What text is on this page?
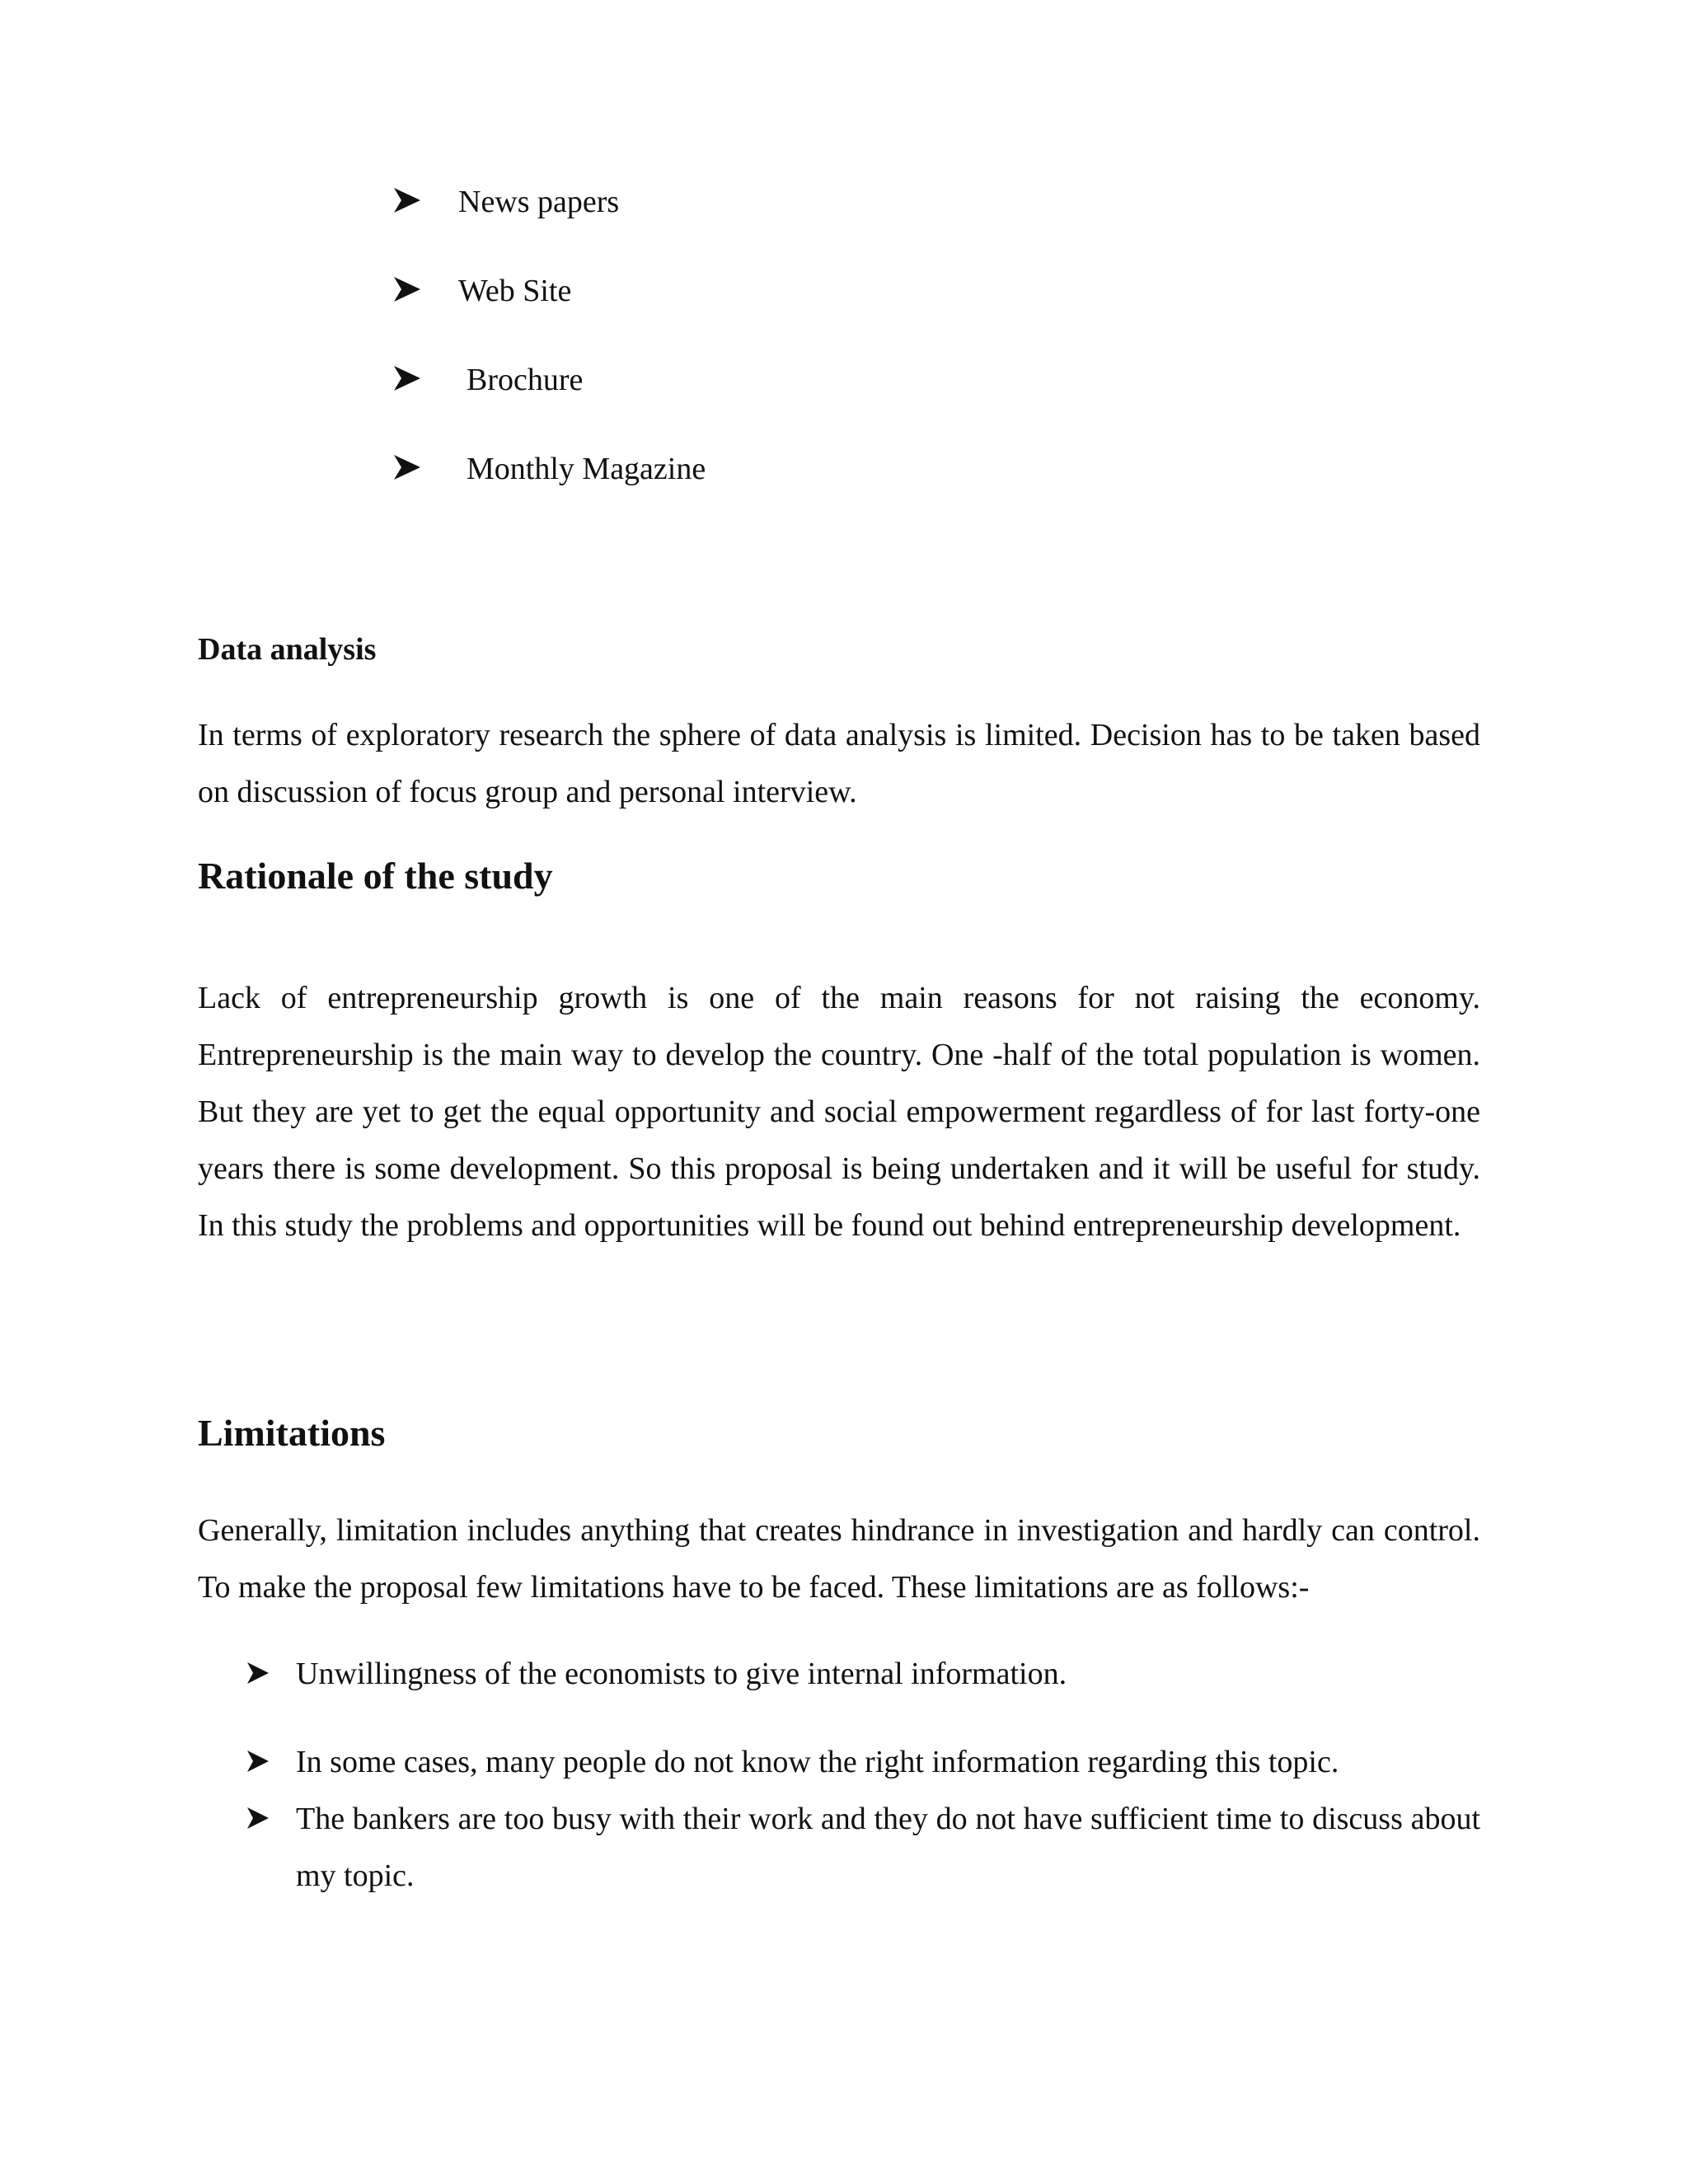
News papers
Web Site
Brochure
Monthly Magazine
Data analysis

In terms of exploratory research the sphere of data analysis is limited. Decision has to be taken based on discussion of focus group and personal interview.

Rationale of the study

Lack of entrepreneurship growth is one of the main reasons for not raising the economy. Entrepreneurship is the main way to develop the country. One -half of the total population is women. But they are yet to get the equal opportunity and social empowerment regardless of for last forty-one years there is some development. So this proposal is being undertaken and it will be useful for study. In this study the problems and opportunities will be found out behind entrepreneurship development.

Limitations

Generally, limitation includes anything that creates hindrance in investigation and hardly can control. To make the proposal few limitations have to be faced. These limitations are as follows:-

Unwillingness of the economists to give internal information.
In some cases, many people do not know the right information regarding this topic.
The bankers are too busy with their work and they do not have sufficient time to discuss about my topic.
